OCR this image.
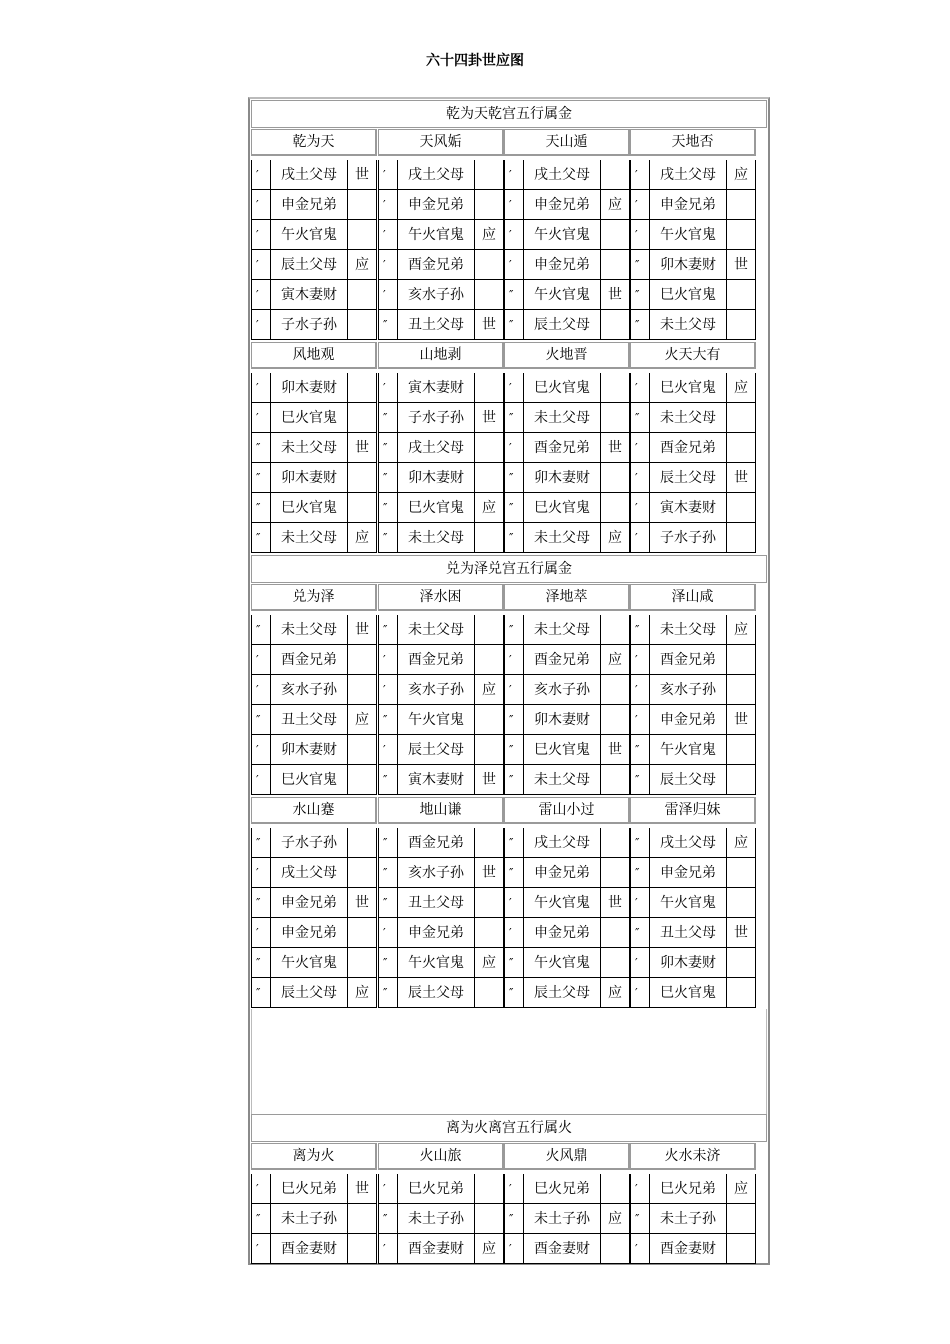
六十四卦世应图
乾为天乾宫五行属金
乾为天
′	戌土父母	世
′	申金兄弟
′	午火官鬼
′	辰土父母	应
′	寅木妻财
′	子水子孙
天风姤
′	戌土父母
′	申金兄弟
′	午火官鬼	应
′	酉金兄弟
′	亥水子孙
″	丑土父母	世
天山遁
′	戌土父母
′	申金兄弟	应
′	午火官鬼
′	申金兄弟
″	午火官鬼	世
″	辰土父母
天地否
′	戌土父母	应
′	申金兄弟
′	午火官鬼
″	卯木妻财	世
″	巳火官鬼
″	未土父母
风地观
′	卯木妻财
′	巳火官鬼
″	未土父母	世
″	卯木妻财
″	巳火官鬼
″	未土父母	应
山地剥
′	寅木妻财
″	子水子孙	世
″	戌土父母
″	卯木妻财
″	巳火官鬼	应
″	未土父母
火地晋
′	巳火官鬼
″	未土父母
′	酉金兄弟	世
″	卯木妻财
″	巳火官鬼
″	未土父母	应
火天大有
′	巳火官鬼	应
″	未土父母
′	酉金兄弟
′	辰土父母	世
′	寅木妻财
′	子水子孙
兑为泽兑宫五行属金
兑为泽
″	未土父母	世
′	酉金兄弟
′	亥水子孙
″	丑土父母	应
′	卯木妻财
′	巳火官鬼
泽水困
″	未土父母
′	酉金兄弟
′	亥水子孙	应
″	午火官鬼
′	辰土父母
″	寅木妻财	世
泽地萃
″	未土父母
′	酉金兄弟	应
′	亥水子孙
″	卯木妻财
″	巳火官鬼	世
″	未土父母
泽山咸
″	未土父母	应
′	酉金兄弟
′	亥水子孙
′	申金兄弟	世
″	午火官鬼
″	辰土父母
水山蹇
″	子水子孙
′	戌土父母
″	申金兄弟	世
′	申金兄弟
″	午火官鬼
″	辰土父母	应
地山谦
″	酉金兄弟
″	亥水子孙	世
″	丑土父母
′	申金兄弟
″	午火官鬼	应
″	辰土父母
雷山小过
″	戌土父母
″	申金兄弟
′	午火官鬼	世
′	申金兄弟
″	午火官鬼
″	辰土父母	应
雷泽归妹
″	戌土父母	应
″	申金兄弟
′	午火官鬼
″	丑土父母	世
′	卯木妻财
′	巳火官鬼
离为火离宫五行属火
离为火
′	巳火兄弟	世
″	未土子孙
′	酉金妻财
火山旅
′	巳火兄弟
″	未土子孙
′	酉金妻财	应
火风鼎
′	巳火兄弟
″	未土子孙	应
′	酉金妻财
火水未济
′	巳火兄弟	应
″	未土子孙
′	酉金妻财
